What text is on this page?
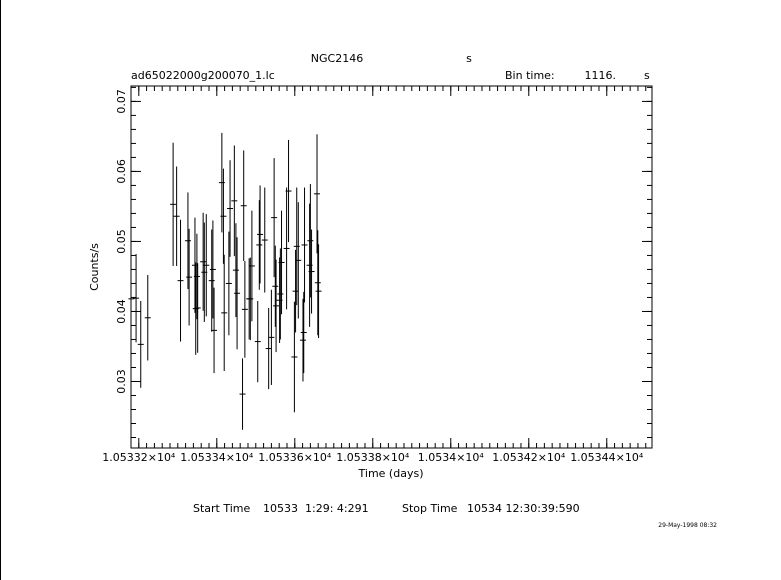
NGC2146	s
ad65022000g200070_1.lc	Bin time:	1116.	s
1.05332×10⁴ 1.05334×10⁴ 1.05336×10⁴ 1.05338×10⁴ 1.0534×10⁴ 1.05342×10⁴ 1.05344×10⁴
0.03
0.04
0.05
0.06
0.07
Time (days)
Counts/s
Start Time 10533  1:29: 4:291	Stop Time 10534 12:30:39:590
29-May-1998 08:32
